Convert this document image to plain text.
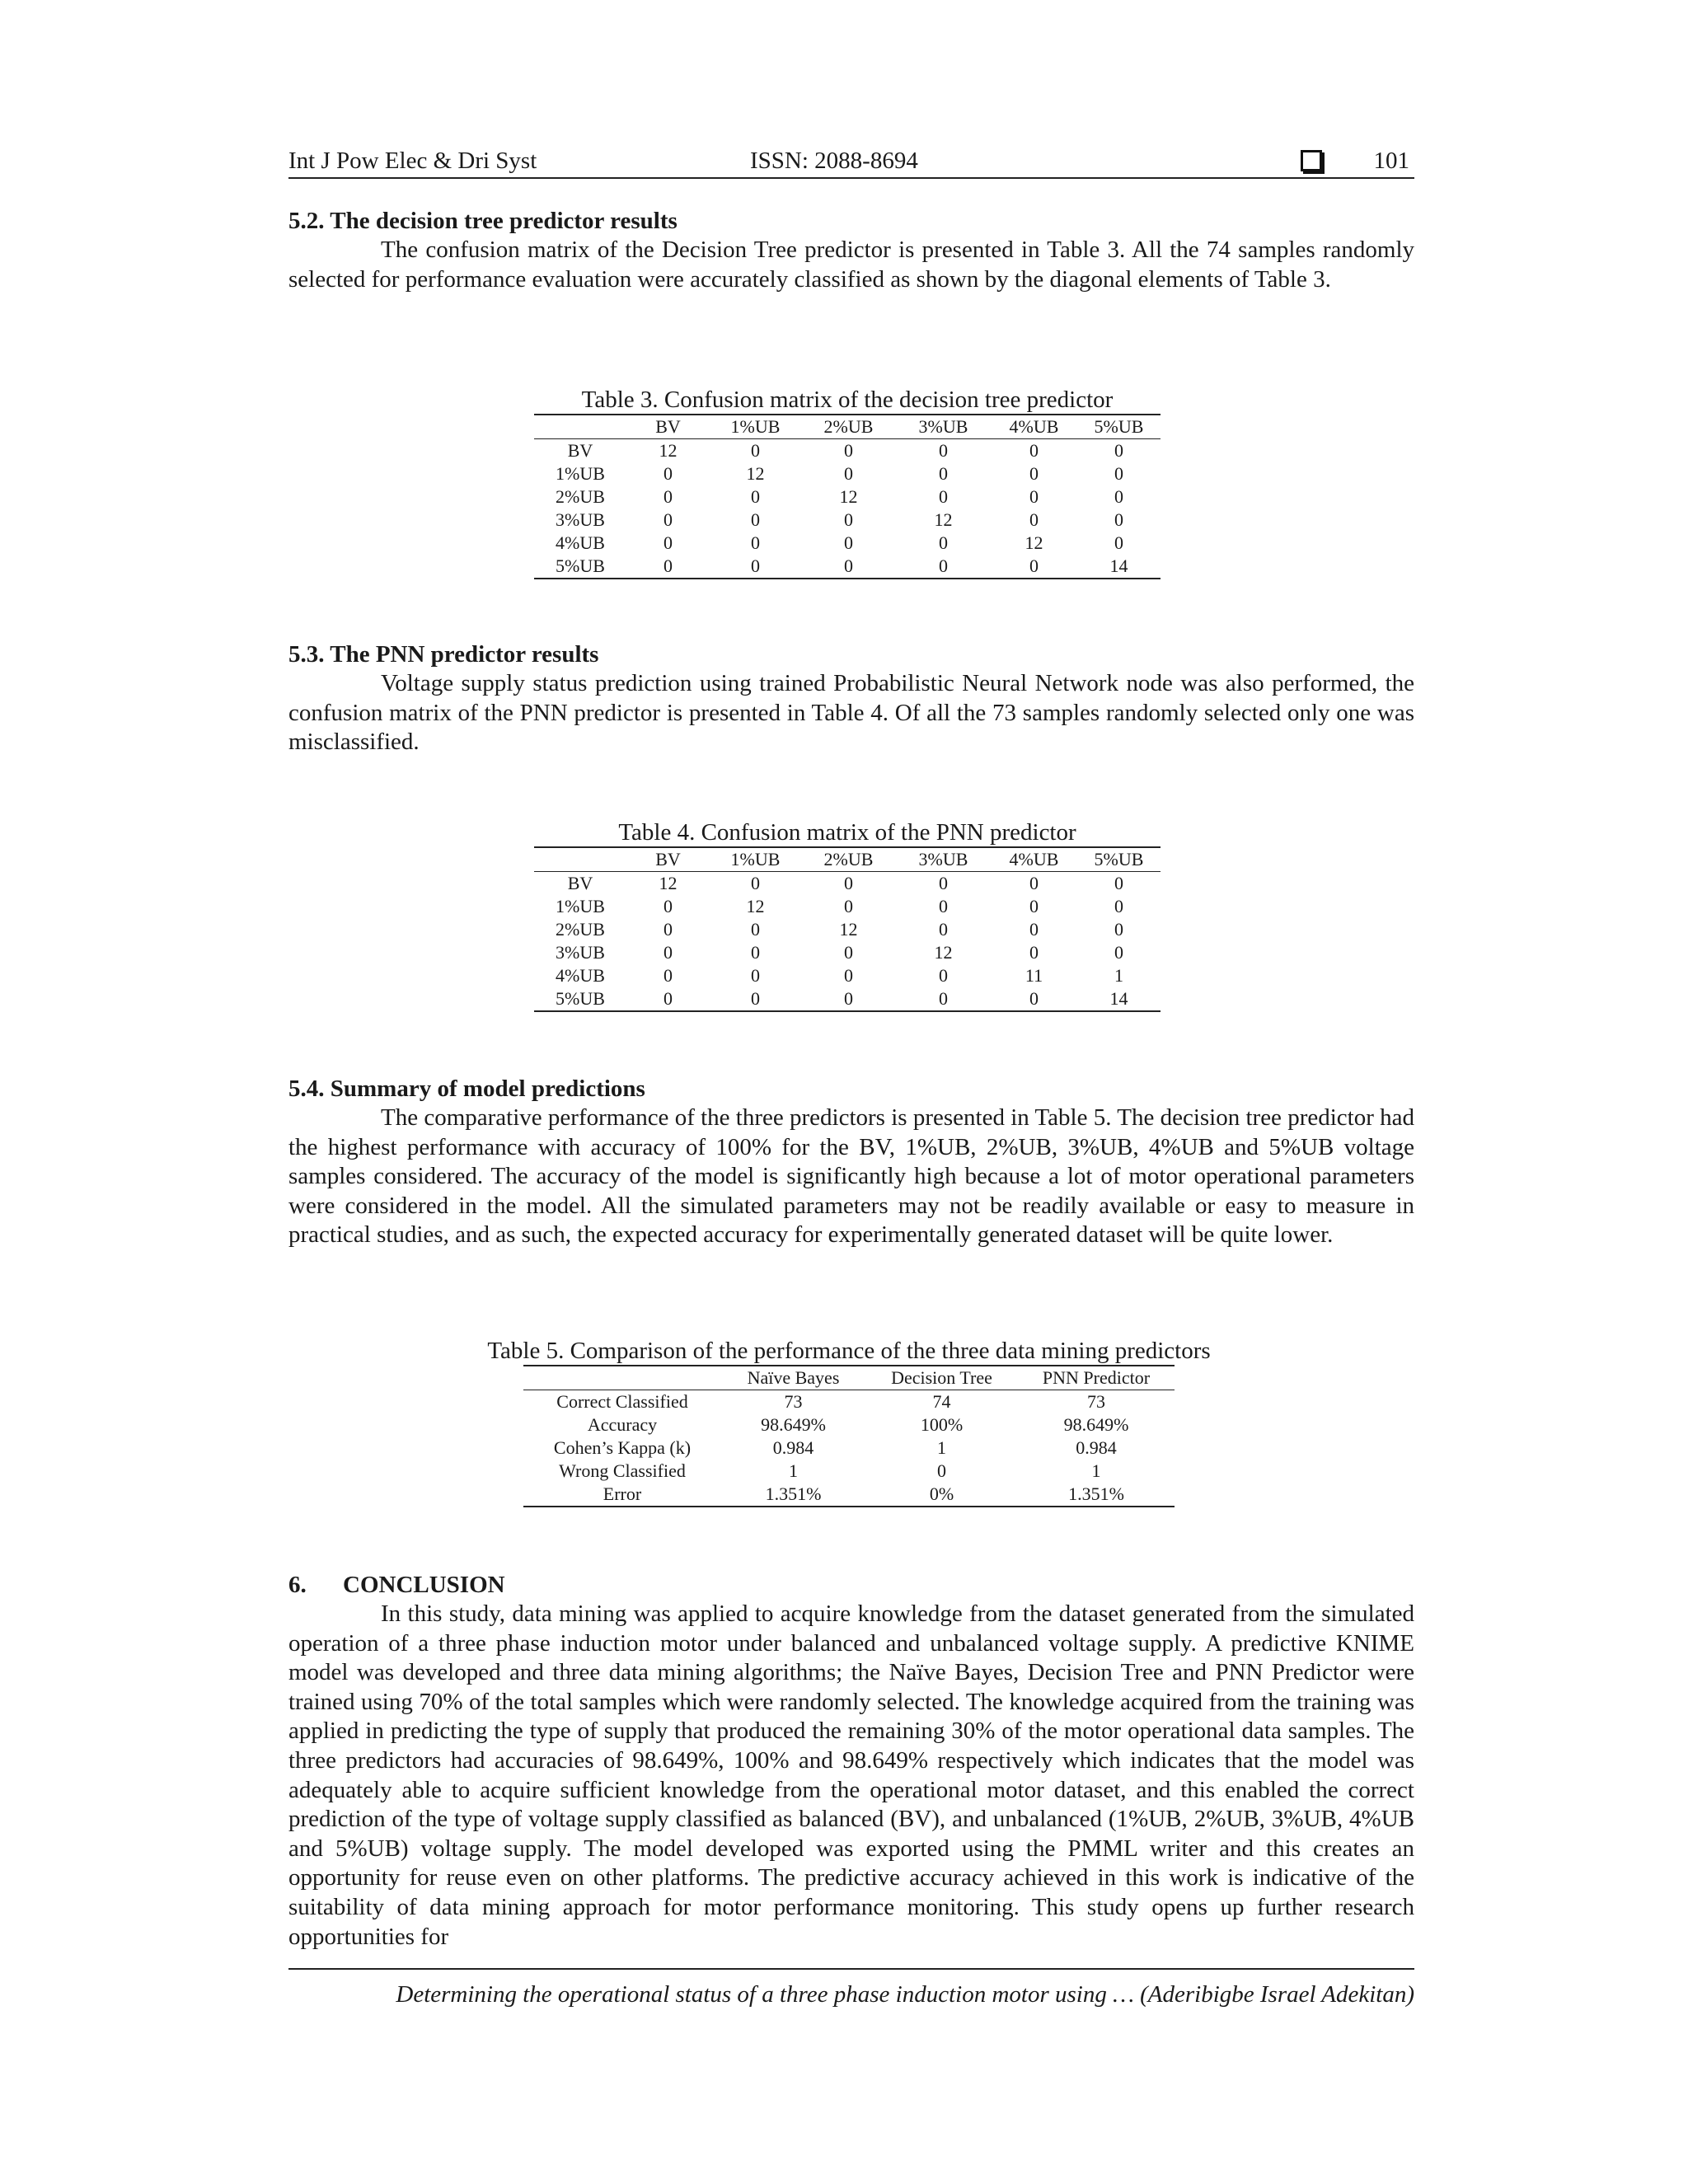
Int J Pow Elec & Dri Syst	ISSN: 2088-8694	101
5.2. The decision tree predictor results

The confusion matrix of the Decision Tree predictor is presented in Table 3. All the 74 samples randomly selected for performance evaluation were accurately classified as shown by the diagonal elements of Table 3.

Table 3. Confusion matrix of the decision tree predictor
	BV	1%UB	2%UB	3%UB	4%UB	5%UB
BV	12	0	0	0	0	0
1%UB	0	12	0	0	0	0
2%UB	0	0	12	0	0	0
3%UB	0	0	0	12	0	0
4%UB	0	0	0	0	12	0
5%UB	0	0	0	0	0	14
5.3. The PNN predictor results

Voltage supply status prediction using trained Probabilistic Neural Network node was also performed, the confusion matrix of the PNN predictor is presented in Table 4. Of all the 73 samples randomly selected only one was misclassified.

Table 4. Confusion matrix of the PNN predictor
	BV	1%UB	2%UB	3%UB	4%UB	5%UB
BV	12	0	0	0	0	0
1%UB	0	12	0	0	0	0
2%UB	0	0	12	0	0	0
3%UB	0	0	0	12	0	0
4%UB	0	0	0	0	11	1
5%UB	0	0	0	0	0	14
5.4. Summary of model predictions

The comparative performance of the three predictors is presented in Table 5. The decision tree predictor had the highest performance with accuracy of 100% for the BV, 1%UB, 2%UB, 3%UB, 4%UB and 5%UB voltage samples considered. The accuracy of the model is significantly high because a lot of motor operational parameters were considered in the model. All the simulated parameters may not be readily available or easy to measure in practical studies, and as such, the expected accuracy for experimentally generated dataset will be quite lower.

Table 5. Comparison of the performance of the three data mining predictors
	Naïve Bayes	Decision Tree	PNN Predictor
Correct Classified	73	74	73
Accuracy	98.649%	100%	98.649%
Cohen’s Kappa (k)	0.984	1	0.984
Wrong Classified	1	0	1
Error	1.351%	0%	1.351%
6. CONCLUSION

In this study, data mining was applied to acquire knowledge from the dataset generated from the simulated operation of a three phase induction motor under balanced and unbalanced voltage supply. A predictive KNIME model was developed and three data mining algorithms; the Naïve Bayes, Decision Tree and PNN Predictor were trained using 70% of the total samples which were randomly selected. The knowledge acquired from the training was applied in predicting the type of supply that produced the remaining 30% of the motor operational data samples. The three predictors had accuracies of 98.649%, 100% and 98.649% respectively which indicates that the model was adequately able to acquire sufficient knowledge from the operational motor dataset, and this enabled the correct prediction of the type of voltage supply classified as balanced (BV), and unbalanced (1%UB, 2%UB, 3%UB, 4%UB and 5%UB) voltage supply. The model developed was exported using the PMML writer and this creates an opportunity for reuse even on other platforms. The predictive accuracy achieved in this work is indicative of the suitability of data mining approach for motor performance monitoring. This study opens up further research opportunities for

Determining the operational status of a three phase induction motor using … (Aderibigbe Israel Adekitan)
